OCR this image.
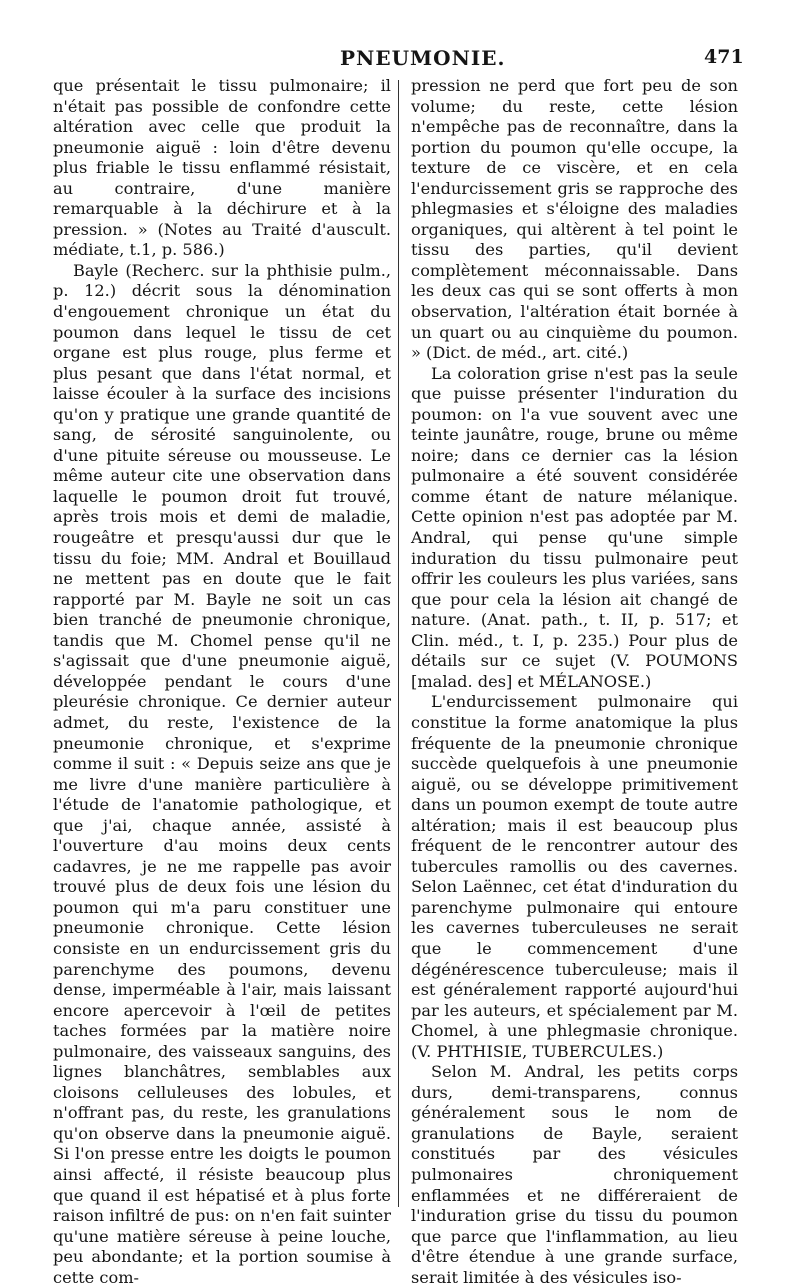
PNEUMONIE.	471

que présentait le tissu pulmonaire; il n'était pas possible de confondre cette altération avec celle que produit la pneumonie aiguë : loin d'être devenu plus friable le tissu enflammé résistait, au contraire, d'une manière remarquable à la déchirure et à la pression. » (Notes au Traité d'auscult. médiate, t.1, p. 586.)

Bayle (Recherc. sur la phthisie pulm., p. 12.) décrit sous la dénomination d'engouement chronique un état du poumon dans lequel le tissu de cet organe est plus rouge, plus ferme et plus pesant que dans l'état normal, et laisse écouler à la surface des incisions qu'on y pratique une grande quantité de sang, de sérosité sanguinolente, ou d'une pituite séreuse ou mousseuse. Le même auteur cite une observation dans laquelle le poumon droit fut trouvé, après trois mois et demi de maladie, rougeâtre et presqu'aussi dur que le tissu du foie; MM. Andral et Bouillaud ne mettent pas en doute que le fait rapporté par M. Bayle ne soit un cas bien tranché de pneumonie chronique, tandis que M. Chomel pense qu'il ne s'agissait que d'une pneumonie aiguë, développée pendant le cours d'une pleurésie chronique. Ce dernier auteur admet, du reste, l'existence de la pneumonie chronique, et s'exprime comme il suit : « Depuis seize ans que je me livre d'une manière particulière à l'étude de l'anatomie pathologique, et que j'ai, chaque année, assisté à l'ouverture d'au moins deux cents cadavres, je ne me rappelle pas avoir trouvé plus de deux fois une lésion du poumon qui m'a paru constituer une pneumonie chronique. Cette lésion consiste en un endurcissement gris du parenchyme des poumons, devenu dense, imperméable à l'air, mais laissant encore apercevoir à l'œil de petites taches formées par la matière noire pulmonaire, des vaisseaux sanguins, des lignes blanchâtres, semblables aux cloisons celluleuses des lobules, et n'offrant pas, du reste, les granulations qu'on observe dans la pneumonie aiguë. Si l'on presse entre les doigts le poumon ainsi affecté, il résiste beaucoup plus que quand il est hépatisé et à plus forte raison infiltré de pus: on n'en fait suinter qu'une matière séreuse à peine louche, peu abondante; et la portion soumise à cette com-

pression ne perd que fort peu de son volume; du reste, cette lésion n'empêche pas de reconnaître, dans la portion du poumon qu'elle occupe, la texture de ce viscère, et en cela l'endurcissement gris se rapproche des phlegmasies et s'éloigne des maladies organiques, qui altèrent à tel point le tissu des parties, qu'il devient complètement méconnaissable. Dans les deux cas qui se sont offerts à mon observation, l'altération était bornée à un quart ou au cinquième du poumon. » (Dict. de méd., art. cité.)

La coloration grise n'est pas la seule que puisse présenter l'induration du poumon: on l'a vue souvent avec une teinte jaunâtre, rouge, brune ou même noire; dans ce dernier cas la lésion pulmonaire a été souvent considérée comme étant de nature mélanique. Cette opinion n'est pas adoptée par M. Andral, qui pense qu'une simple induration du tissu pulmonaire peut offrir les couleurs les plus variées, sans que pour cela la lésion ait changé de nature. (Anat. path., t. II, p. 517; et Clin. méd., t. I, p. 235.) Pour plus de détails sur ce sujet (V. POUMONS [malad. des] et MÉLANOSE.)

L'endurcissement pulmonaire qui constitue la forme anatomique la plus fréquente de la pneumonie chronique succède quelquefois à une pneumonie aiguë, ou se développe primitivement dans un poumon exempt de toute autre altération; mais il est beaucoup plus fréquent de le rencontrer autour des tubercules ramollis ou des cavernes. Selon Laënnec, cet état d'induration du parenchyme pulmonaire qui entoure les cavernes tuberculeuses ne serait que le commencement d'une dégénérescence tuberculeuse; mais il est généralement rapporté aujourd'hui par les auteurs, et spécialement par M. Chomel, à une phlegmasie chronique. (V. PHTHISIE, TUBERCULES.)

Selon M. Andral, les petits corps durs, demi-transparens, connus généralement sous le nom de granulations de Bayle, seraient constitués par des vésicules pulmonaires chroniquement enflammées et ne différeraient de l'induration grise du tissu du poumon que parce que l'inflammation, au lieu d'être étendue à une grande surface, serait limitée à des vésicules iso-
